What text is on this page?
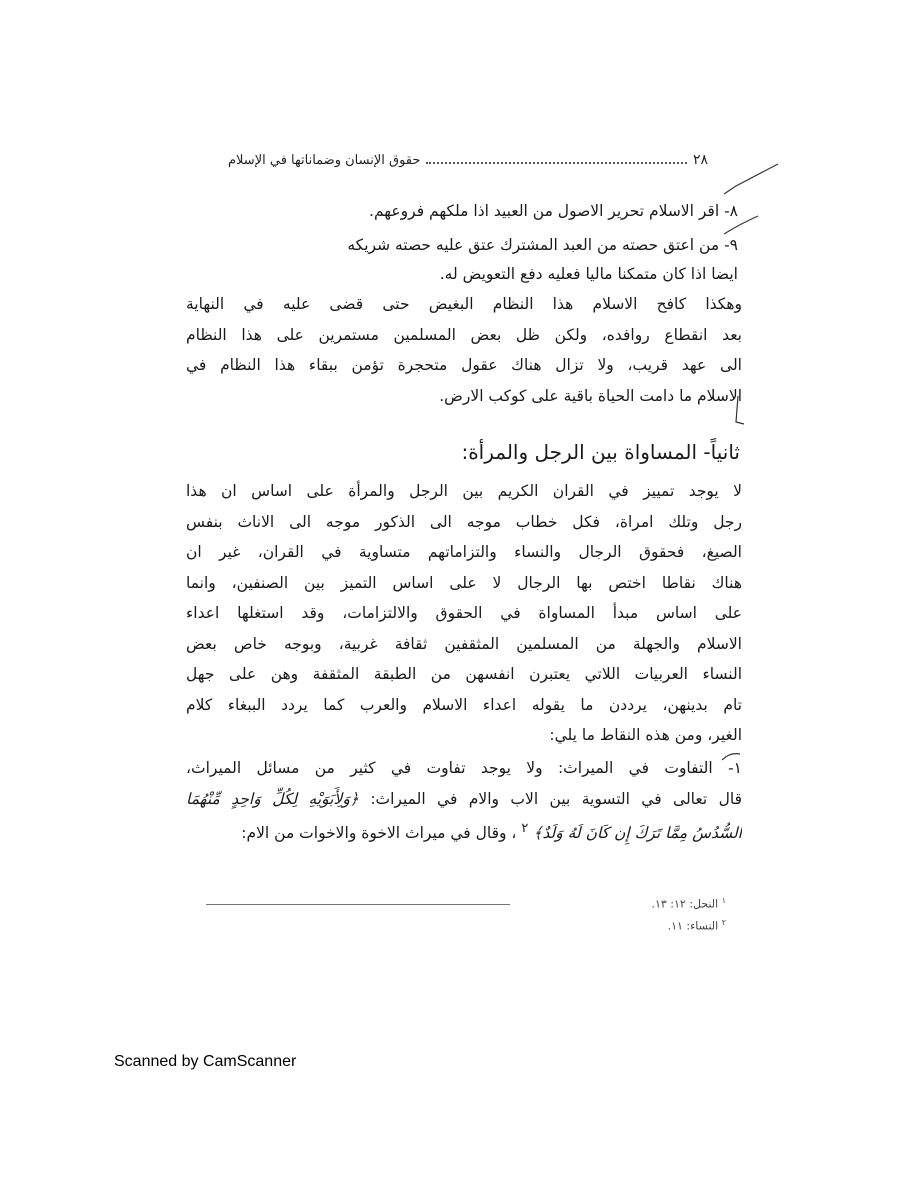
حقوق الإنسان وضماناتها في الإسلام	٢٨
٨- اقر الاسلام تحرير الاصول من العبيد اذا ملكهم فروعهم.
٩- من اعتق حصته من العبد المشترك عتق عليه حصته شريكه
ايضا اذا كان متمكنا ماليا فعليه دفع التعويض له.
وهكذا كافح الاسلام هذا النظام البغيض حتى قضى عليه في النهاية
بعد انقطاع روافده، ولكن ظل بعض المسلمين مستمرين على هذا النظام
الى عهد قريب، ولا تزال هناك عقول متحجرة تؤمن ببقاء هذا النظام في
الاسلام ما دامت الحياة باقية على كوكب الارض.
ثانياً- المساواة بين الرجل والمرأة:
لا يوجد تمييز في القران الكريم بين الرجل والمرأة على اساس ان هذا
رجل وتلك امراة، فكل خطاب موجه الى الذكور موجه الى الاناث بنفس
الصيغ، فحقوق الرجال والنساء والتزاماتهم متساوية في القران، غير ان
هناك نقاطا اختص بها الرجال لا على اساس التميز بين الصنفين، وانما
على اساس مبدأ المساواة في الحقوق والالتزامات، وقد استغلها اعداء
الاسلام والجهلة من المسلمين المثقفين ثقافة غربية، وبوجه خاص بعض
النساء العربيات اللاتي يعتبرن انفسهن من الطبقة المثقفة وهن على جهل
تام بدينهن، يرددن ما يقوله اعداء الاسلام والعرب كما يردد الببغاء كلام
الغير، ومن هذه النقاط ما يلي:
١- التفاوت في الميراث: ولا يوجد تفاوت في كثير من مسائل الميراث،
قال تعالى في التسوية بين الاب والام في الميراث: ﴿وَلِأَبَوَيْهِ لِكُلِّ وَاحِدٍ مِّنْهُمَا
السُّدُسُ مِمَّا تَرَكَ إِن كَانَ لَهُ وَلَدٌ﴾ $^٢$ ، وقال في ميراث الاخوة والاخوات من الام:
$^١$ النحل: ١٢: ١٣.
$^٢$ النساء: ١١.
Scanned by CamScanner
